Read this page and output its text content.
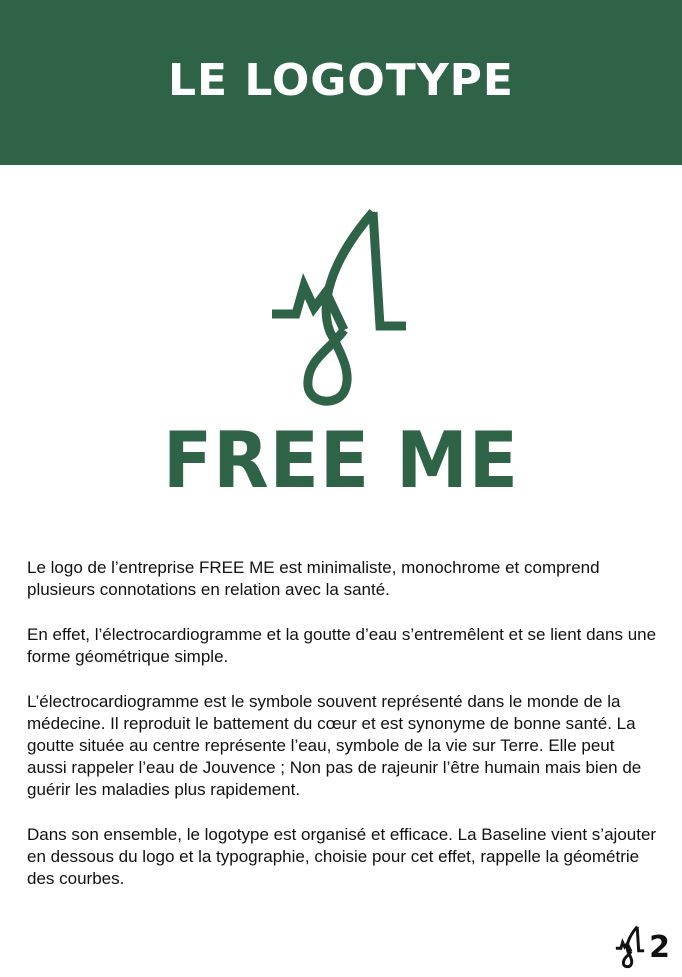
LE LOGOTYPE
FREE ME

Le logo de l’entreprise FREE ME est minimaliste, monochrome et comprend plusieurs connotations en relation avec la santé.

En effet, l’électrocardiogramme et la goutte d’eau s’entremêlent et se lient dans une forme géométrique simple.

L’électrocardiogramme est le symbole souvent représenté dans le monde de la médecine. Il reproduit le battement du cœur et est synonyme de bonne santé. La goutte située au centre représente l’eau, symbole de la vie sur Terre. Elle peut aussi rappeler l’eau de Jouvence ; Non pas de rajeunir l’être humain mais bien de guérir les maladies plus rapidement.

Dans son ensemble, le logotype est organisé et efficace. La Baseline vient s’ajouter en dessous du logo et la typographie, choisie pour cet effet, rappelle la géométrie des courbes.

2
